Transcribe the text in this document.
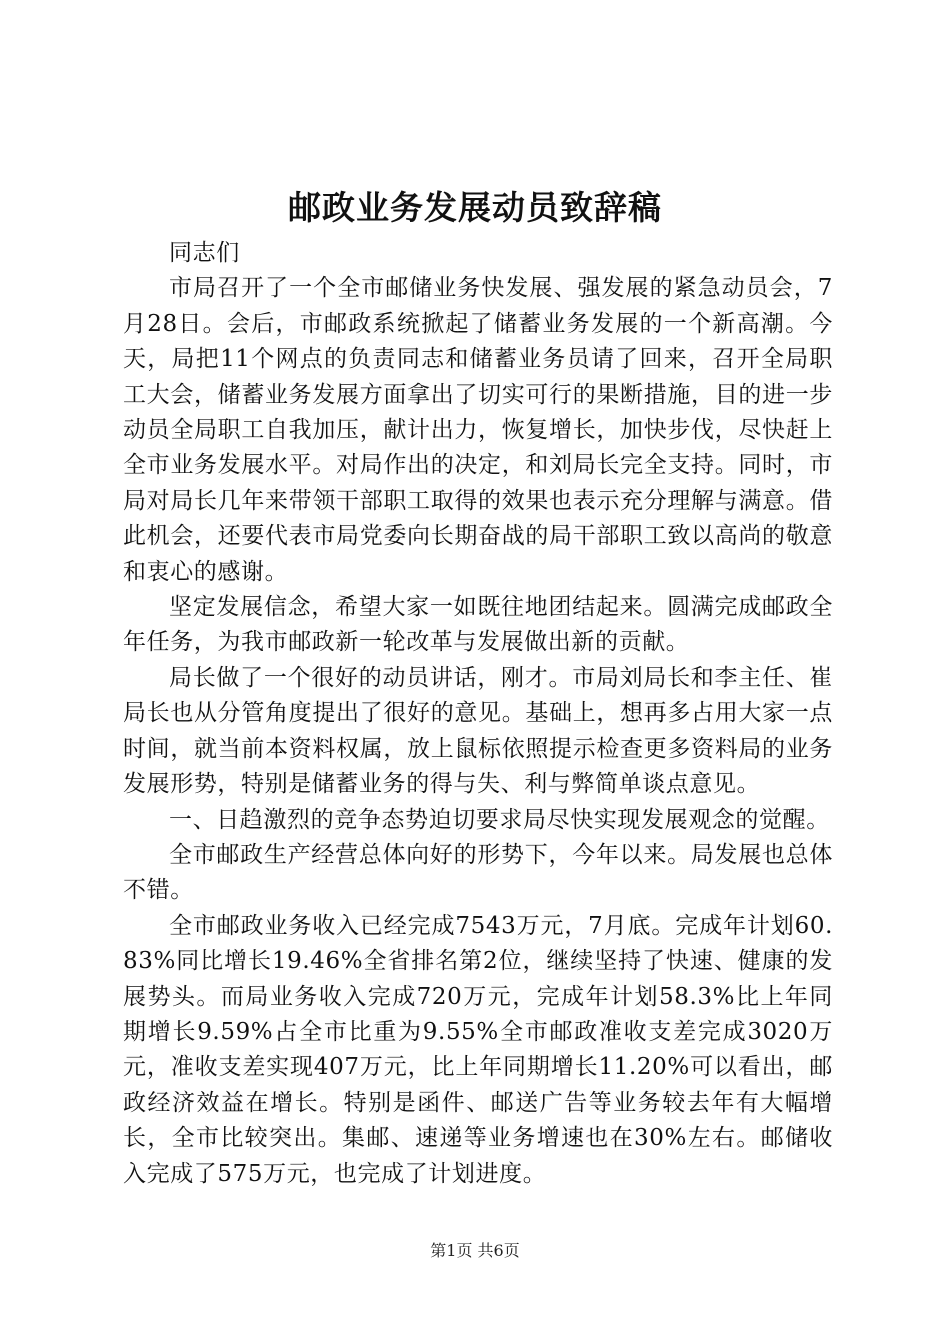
邮政业务发展动员致辞稿

同志们

市局召开了一个全市邮储业务快发展、强发展的紧急动员会，7月28日。会后，市邮政系统掀起了储蓄业务发展的一个新高潮。今天，局把11个网点的负责同志和储蓄业务员请了回来，召开全局职工大会，储蓄业务发展方面拿出了切实可行的果断措施，目的进一步动员全局职工自我加压，献计出力，恢复增长，加快步伐，尽快赶上全市业务发展水平。对局作出的决定，和刘局长完全支持。同时，市局对局长几年来带领干部职工取得的效果也表示充分理解与满意。借此机会，还要代表市局党委向长期奋战的局干部职工致以高尚的敬意和衷心的感谢。

坚定发展信念，希望大家一如既往地团结起来。圆满完成邮政全年任务，为我市邮政新一轮改革与发展做出新的贡献。

局长做了一个很好的动员讲话，刚才。市局刘局长和李主任、崔局长也从分管角度提出了很好的意见。基础上，想再多占用大家一点时间，就当前本资料权属，放上鼠标依照提示检查更多资料局的业务发展形势，特别是储蓄业务的得与失、利与弊简单谈点意见。

一、日趋激烈的竞争态势迫切要求局尽快实现发展观念的觉醒。

全市邮政生产经营总体向好的形势下，今年以来。局发展也总体不错。

全市邮政业务收入已经完成7543万元，7月底。完成年计划60.83%同比增长19.46%全省排名第2位，继续坚持了快速、健康的发展势头。而局业务收入完成720万元，完成年计划58.3%比上年同期增长9.59%占全市比重为9.55%全市邮政准收支差完成3020万元，准收支差实现407万元，比上年同期增长11.20%可以看出，邮政经济效益在增长。特别是函件、邮送广告等业务较去年有大幅增长，全市比较突出。集邮、速递等业务增速也在30%左右。邮储收入完成了575万元，也完成了计划进度。

第1页 共6页
